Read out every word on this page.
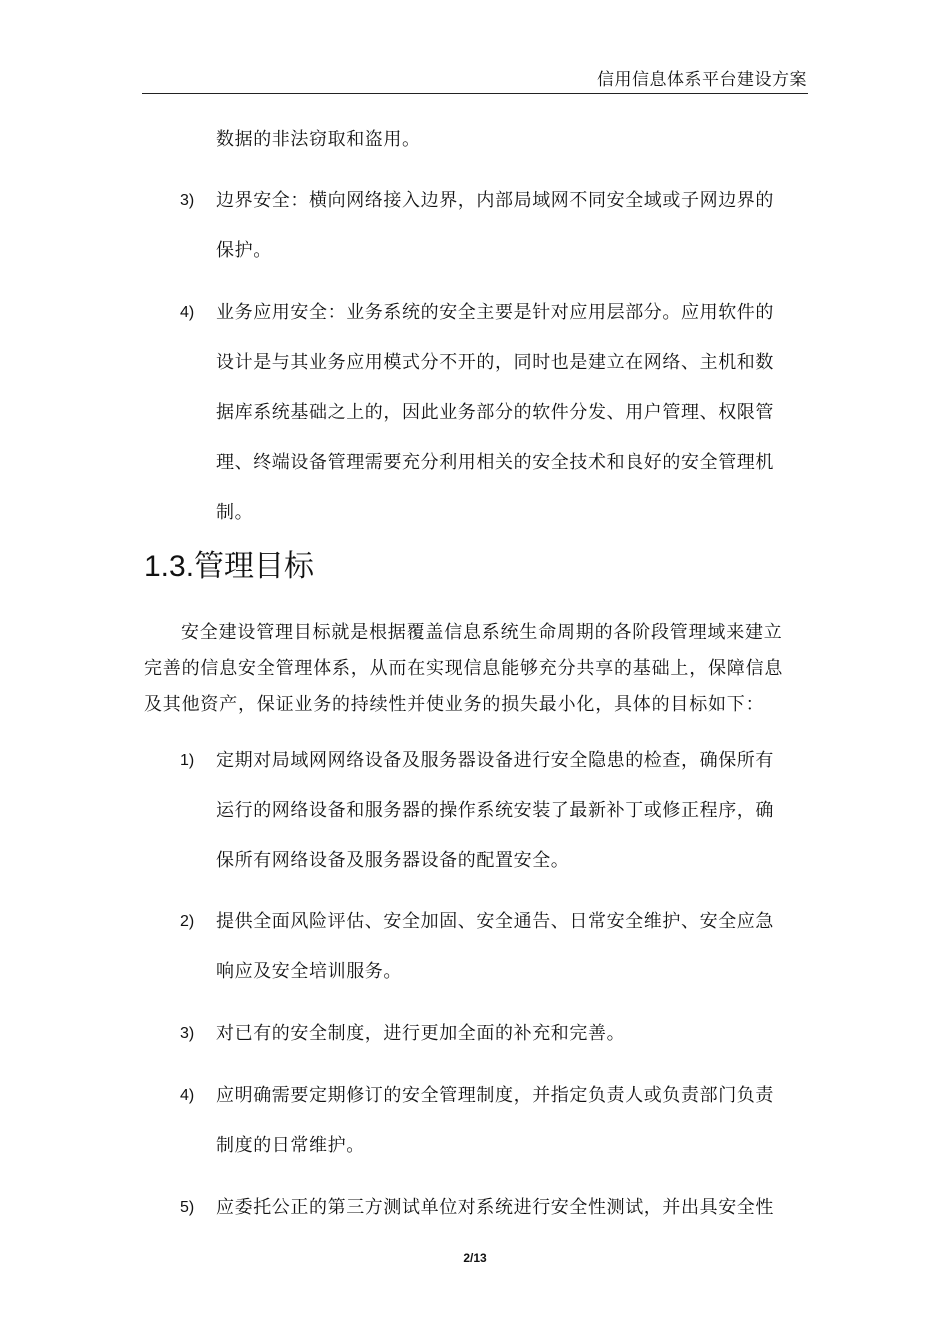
信用信息体系平台建设方案
数据的非法窃取和盗用。
3) 边界安全：横向网络接入边界，内部局域网不同安全域或子网边界的
保护。
4) 业务应用安全：业务系统的安全主要是针对应用层部分。应用软件的
设计是与其业务应用模式分不开的，同时也是建立在网络、主机和数
据库系统基础之上的，因此业务部分的软件分发、用户管理、权限管
理、终端设备管理需要充分利用相关的安全技术和良好的安全管理机
制。
1.3.管理目标
安全建设管理目标就是根据覆盖信息系统生命周期的各阶段管理域来建立
完善的信息安全管理体系，从而在实现信息能够充分共享的基础上，保障信息
及其他资产，保证业务的持续性并使业务的损失最小化，具体的目标如下：
1) 定期对局域网网络设备及服务器设备进行安全隐患的检查，确保所有
运行的网络设备和服务器的操作系统安装了最新补丁或修正程序，确
保所有网络设备及服务器设备的配置安全。
2) 提供全面风险评估、安全加固、安全通告、日常安全维护、安全应急
响应及安全培训服务。
3) 对已有的安全制度，进行更加全面的补充和完善。
4) 应明确需要定期修订的安全管理制度，并指定负责人或负责部门负责
制度的日常维护。
5) 应委托公正的第三方测试单位对系统进行安全性测试，并出具安全性
2/13
